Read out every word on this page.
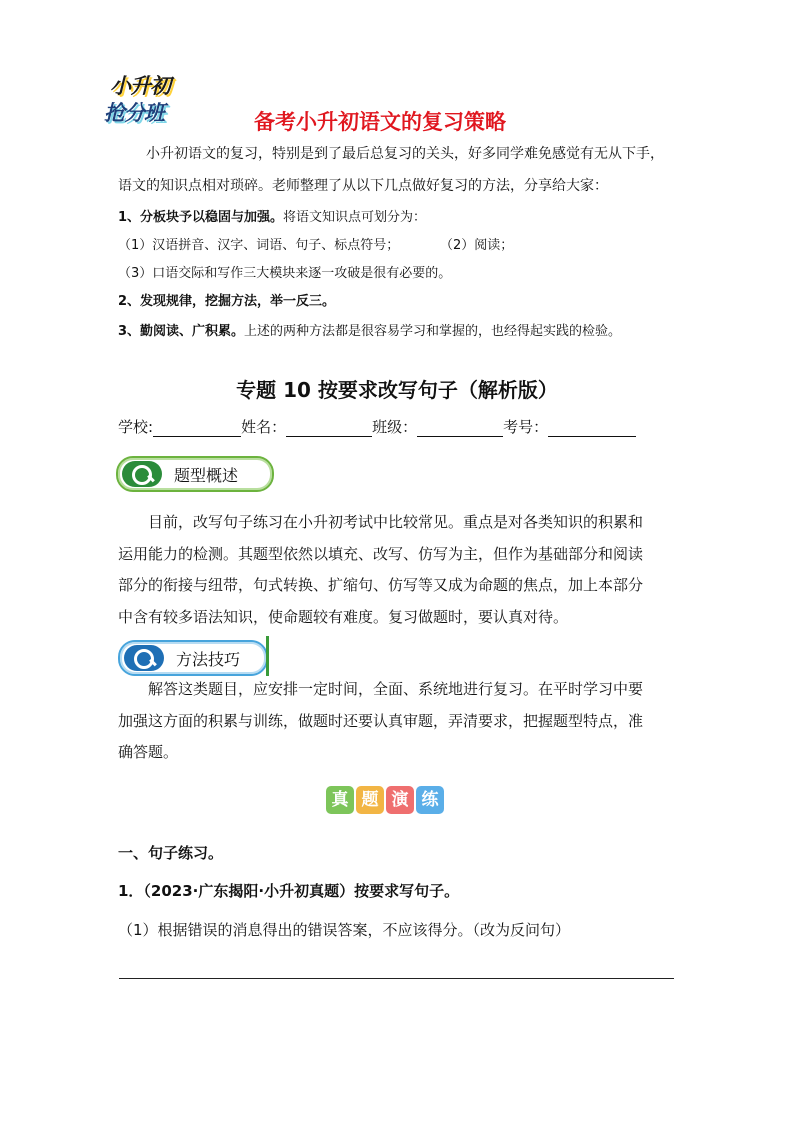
小升初
抢分班	备考小升初语文的复习策略
小升初语文的复习，特别是到了最后总复习的关头，好多同学难免感觉有无从下手，
语文的知识点相对琐碎。老师整理了从以下几点做好复习的方法，分享给大家：
1、分板块予以稳固与加强。将语文知识点可划分为：
（1）汉语拼音、汉字、词语、句子、标点符号；	（2）阅读；
（3）口语交际和写作三大模块来逐一攻破是很有必要的。
2、发现规律，挖掘方法，举一反三。
3、勤阅读、广积累。上述的两种方法都是很容易学习和掌握的，也经得起实践的检验。
专题 10 按要求改写句子（解析版）
学校:	姓名：	班级：	考号：
题型概述
目前，改写句子练习在小升初考试中比较常见。重点是对各类知识的积累和
运用能力的检测。其题型依然以填充、改写、仿写为主，但作为基础部分和阅读
部分的衔接与纽带，句式转换、扩缩句、仿写等又成为命题的焦点，加上本部分
中含有较多语法知识，使命题较有难度。复习做题时，要认真对待。
方法技巧
解答这类题目，应安排一定时间，全面、系统地进行复习。在平时学习中要
加强这方面的积累与训练，做题时还要认真审题，弄清要求，把握题型特点，准
确答题。
真 题 演 练
一、句子练习。
1．（2023·广东揭阳·小升初真题）按要求写句子。
（1）根据错误的消息得出的错误答案，不应该得分。（改为反问句）
